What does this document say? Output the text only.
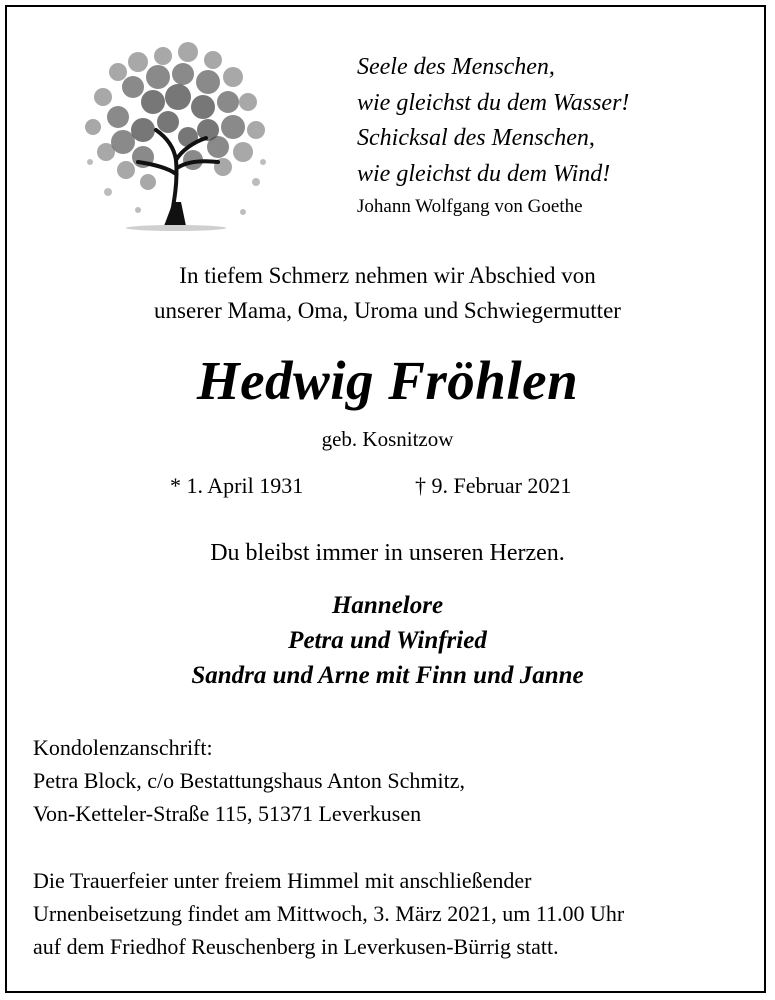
Seele des Menschen,
wie gleichst du dem Wasser!
Schicksal des Menschen,
wie gleichst du dem Wind!
Johann Wolfgang von Goethe
In tiefem Schmerz nehmen wir Abschied von
unserer Mama, Oma, Uroma und Schwiegermutter
Hedwig Fröhlen
geb. Kosnitzow
* 1. April 1931	† 9. Februar 2021
Du bleibst immer in unseren Herzen.
Hannelore
Petra und Winfried
Sandra und Arne mit Finn und Janne
Kondolenzanschrift:
Petra Block, c/o Bestattungshaus Anton Schmitz,
Von-Ketteler-Straße 115, 51371 Leverkusen
Die Trauerfeier unter freiem Himmel mit anschließender
Urnenbeisetzung findet am Mittwoch, 3. März 2021, um 11.00 Uhr
auf dem Friedhof Reuschenberg in Leverkusen-Bürrig statt.
